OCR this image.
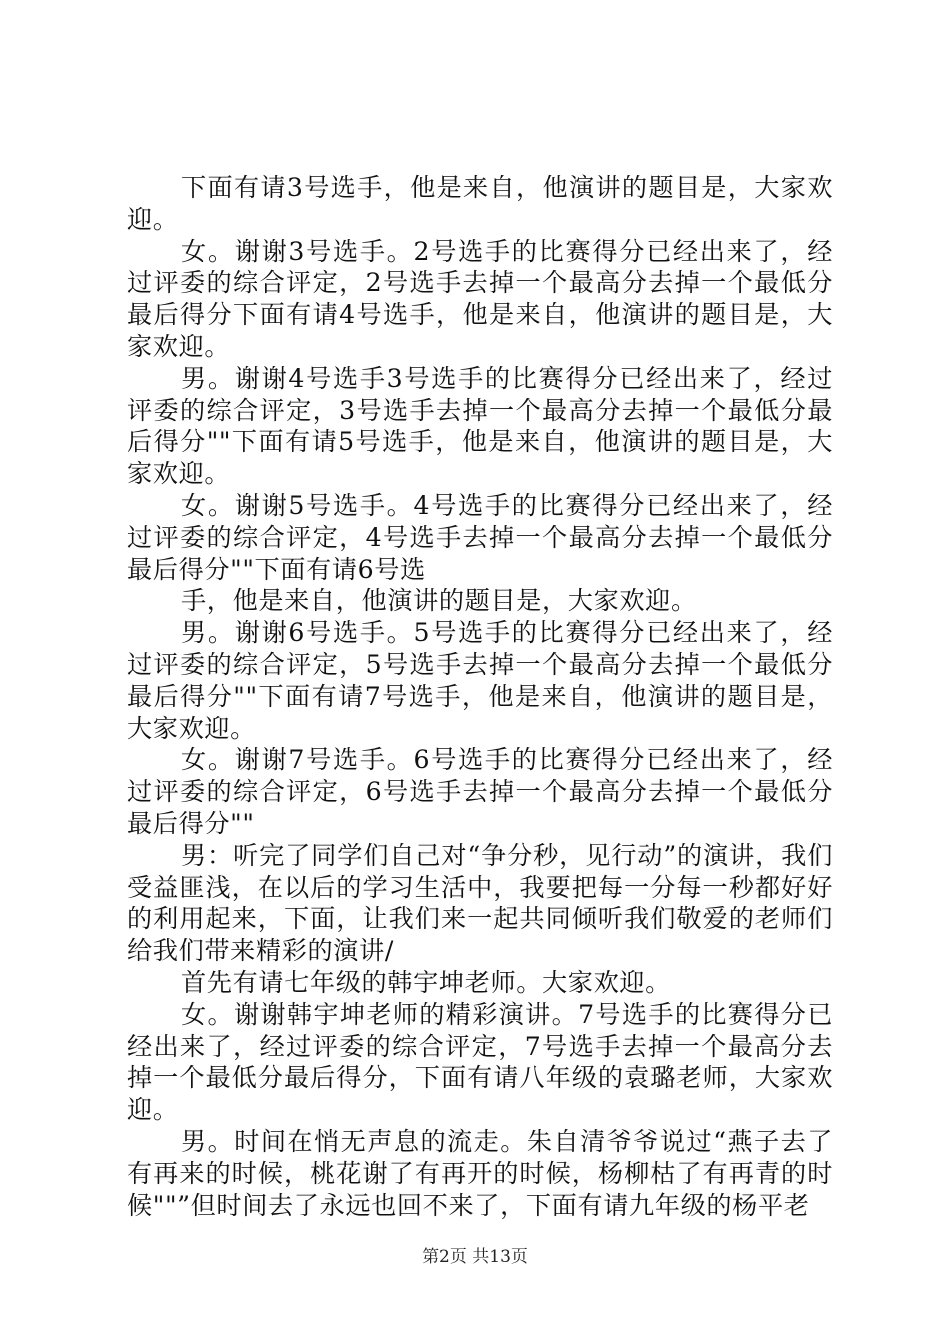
下面有请3号选手，他是来自，他演讲的题目是，大家欢迎。

女。谢谢3号选手。2号选手的比赛得分已经出来了，经过评委的综合评定，2号选手去掉一个最高分去掉一个最低分最后得分下面有请4号选手，他是来自，他演讲的题目是，大家欢迎。

男。谢谢4号选手3号选手的比赛得分已经出来了，经过评委的综合评定，3号选手去掉一个最高分去掉一个最低分最后得分""下面有请5号选手，他是来自，他演讲的题目是，大家欢迎。

女。谢谢5号选手。4号选手的比赛得分已经出来了，经过评委的综合评定，4号选手去掉一个最高分去掉一个最低分最后得分""下面有请6号选

手，他是来自，他演讲的题目是，大家欢迎。

男。谢谢6号选手。5号选手的比赛得分已经出来了，经过评委的综合评定，5号选手去掉一个最高分去掉一个最低分最后得分""下面有请7号选手，他是来自，他演讲的题目是，大家欢迎。

女。谢谢7号选手。6号选手的比赛得分已经出来了，经过评委的综合评定，6号选手去掉一个最高分去掉一个最低分最后得分""

男：听完了同学们自己对“争分秒，见行动”的演讲，我们受益匪浅，在以后的学习生活中，我要把每一分每一秒都好好的利用起来，下面，让我们来一起共同倾听我们敬爱的老师们给我们带来精彩的演讲/

首先有请七年级的韩宇坤老师。大家欢迎。

女。谢谢韩宇坤老师的精彩演讲。7号选手的比赛得分已经出来了，经过评委的综合评定，7号选手去掉一个最高分去掉一个最低分最后得分，下面有请八年级的袁璐老师，大家欢迎。

男。时间在悄无声息的流走。朱自清爷爷说过“燕子去了有再来的时候，桃花谢了有再开的时候，杨柳枯了有再青的时候""”但时间去了永远也回不来了，下面有请九年级的杨平老

第2页 共13页
